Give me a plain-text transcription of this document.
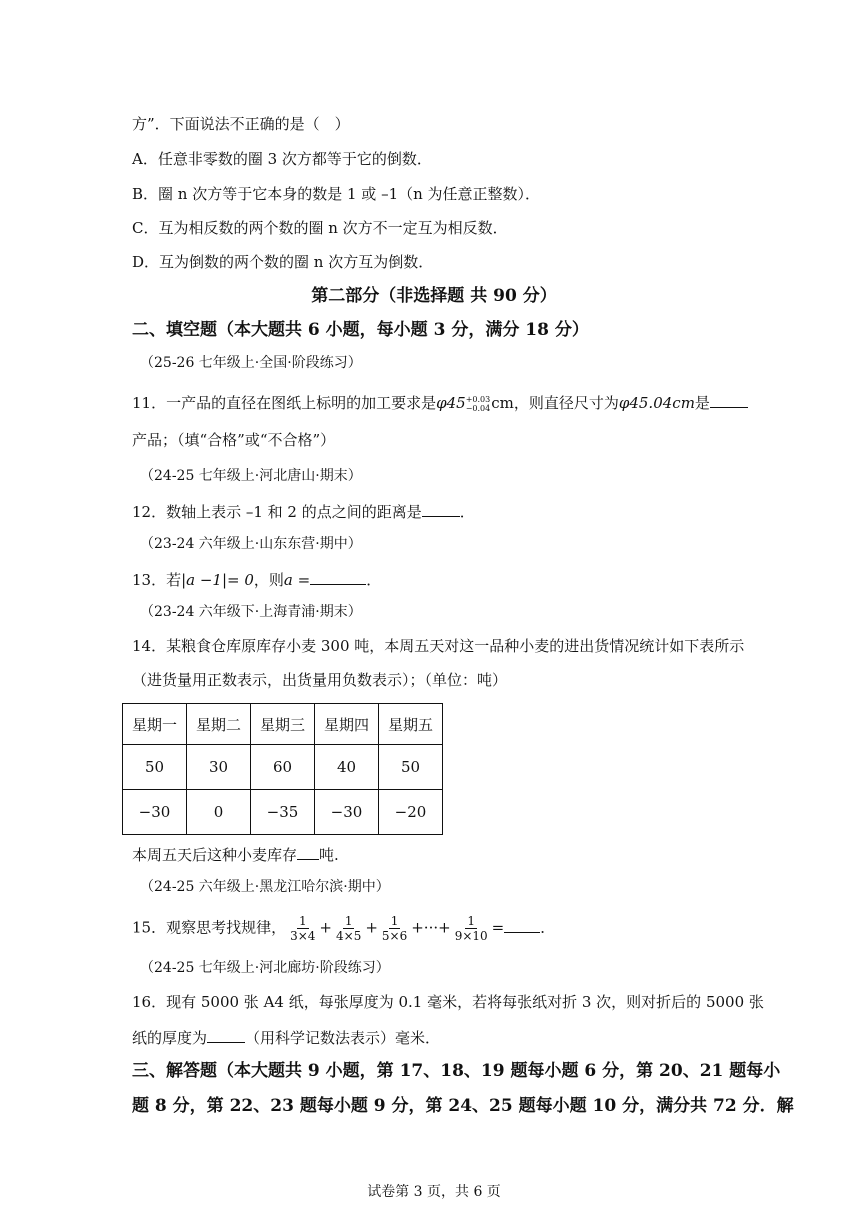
方”．下面说法不正确的是（　）
A．任意非零数的圈 3 次方都等于它的倒数．
B．圈 n 次方等于它本身的数是 1 或 –1（n 为任意正整数）．
C．互为相反数的两个数的圈 n 次方不一定互为相反数．
D．互为倒数的两个数的圈 n 次方互为倒数．
第二部分（非选择题 共 90 分）
二、填空题（本大题共 6 小题，每小题 3 分，满分 18 分）
（25-26 七年级上·全国·阶段练习）
11．一产品的直径在图纸上标明的加工要求是φ45 +0.03
−0.04 cm，则直径尺寸为φ45.04cm是
产品；（填“合格”或“不合格”）
（24-25 七年级上·河北唐山·期末）
12．数轴上表示 –1 和 2 的点之间的距离是	．
（23-24 六年级上·山东东营·期中）
13．若|a −1|= 0，则a =	．
（23-24 六年级下·上海青浦·期末）
14．某粮食仓库原库存小麦 300 吨，本周五天对这一品种小麦的进出货情况统计如下表所示
（进货量用正数表示，出货量用负数表示）；（单位：吨）
星期一	星期二	星期三	星期四	星期五
50	30	60	40	50
−30	0	−35	−30	−20
本周五天后这种小麦库存 吨.
（24-25 六年级上·黑龙江哈尔滨·期中）
15．观察思考找规律， $\frac{1}{3\times 4} + \frac{1}{4\times 5} + \frac{1}{5\times 6}$ +···+ $\frac{1}{9\times 10}$ = ．
（24-25 七年级上·河北廊坊·阶段练习）
16．现有 5000 张 A4 纸，每张厚度为 0.1 毫米，若将每张纸对折 3 次，则对折后的 5000 张
纸的厚度为	（用科学记数法表示）毫米．
三、解答题（本大题共 9 小题，第 17、18、19 题每小题 6 分，第 20、21 题每小
题 8 分，第 22、23 题每小题 9 分，第 24、25 题每小题 10 分，满分共 72 分．解
试卷第 3 页，共 6 页
